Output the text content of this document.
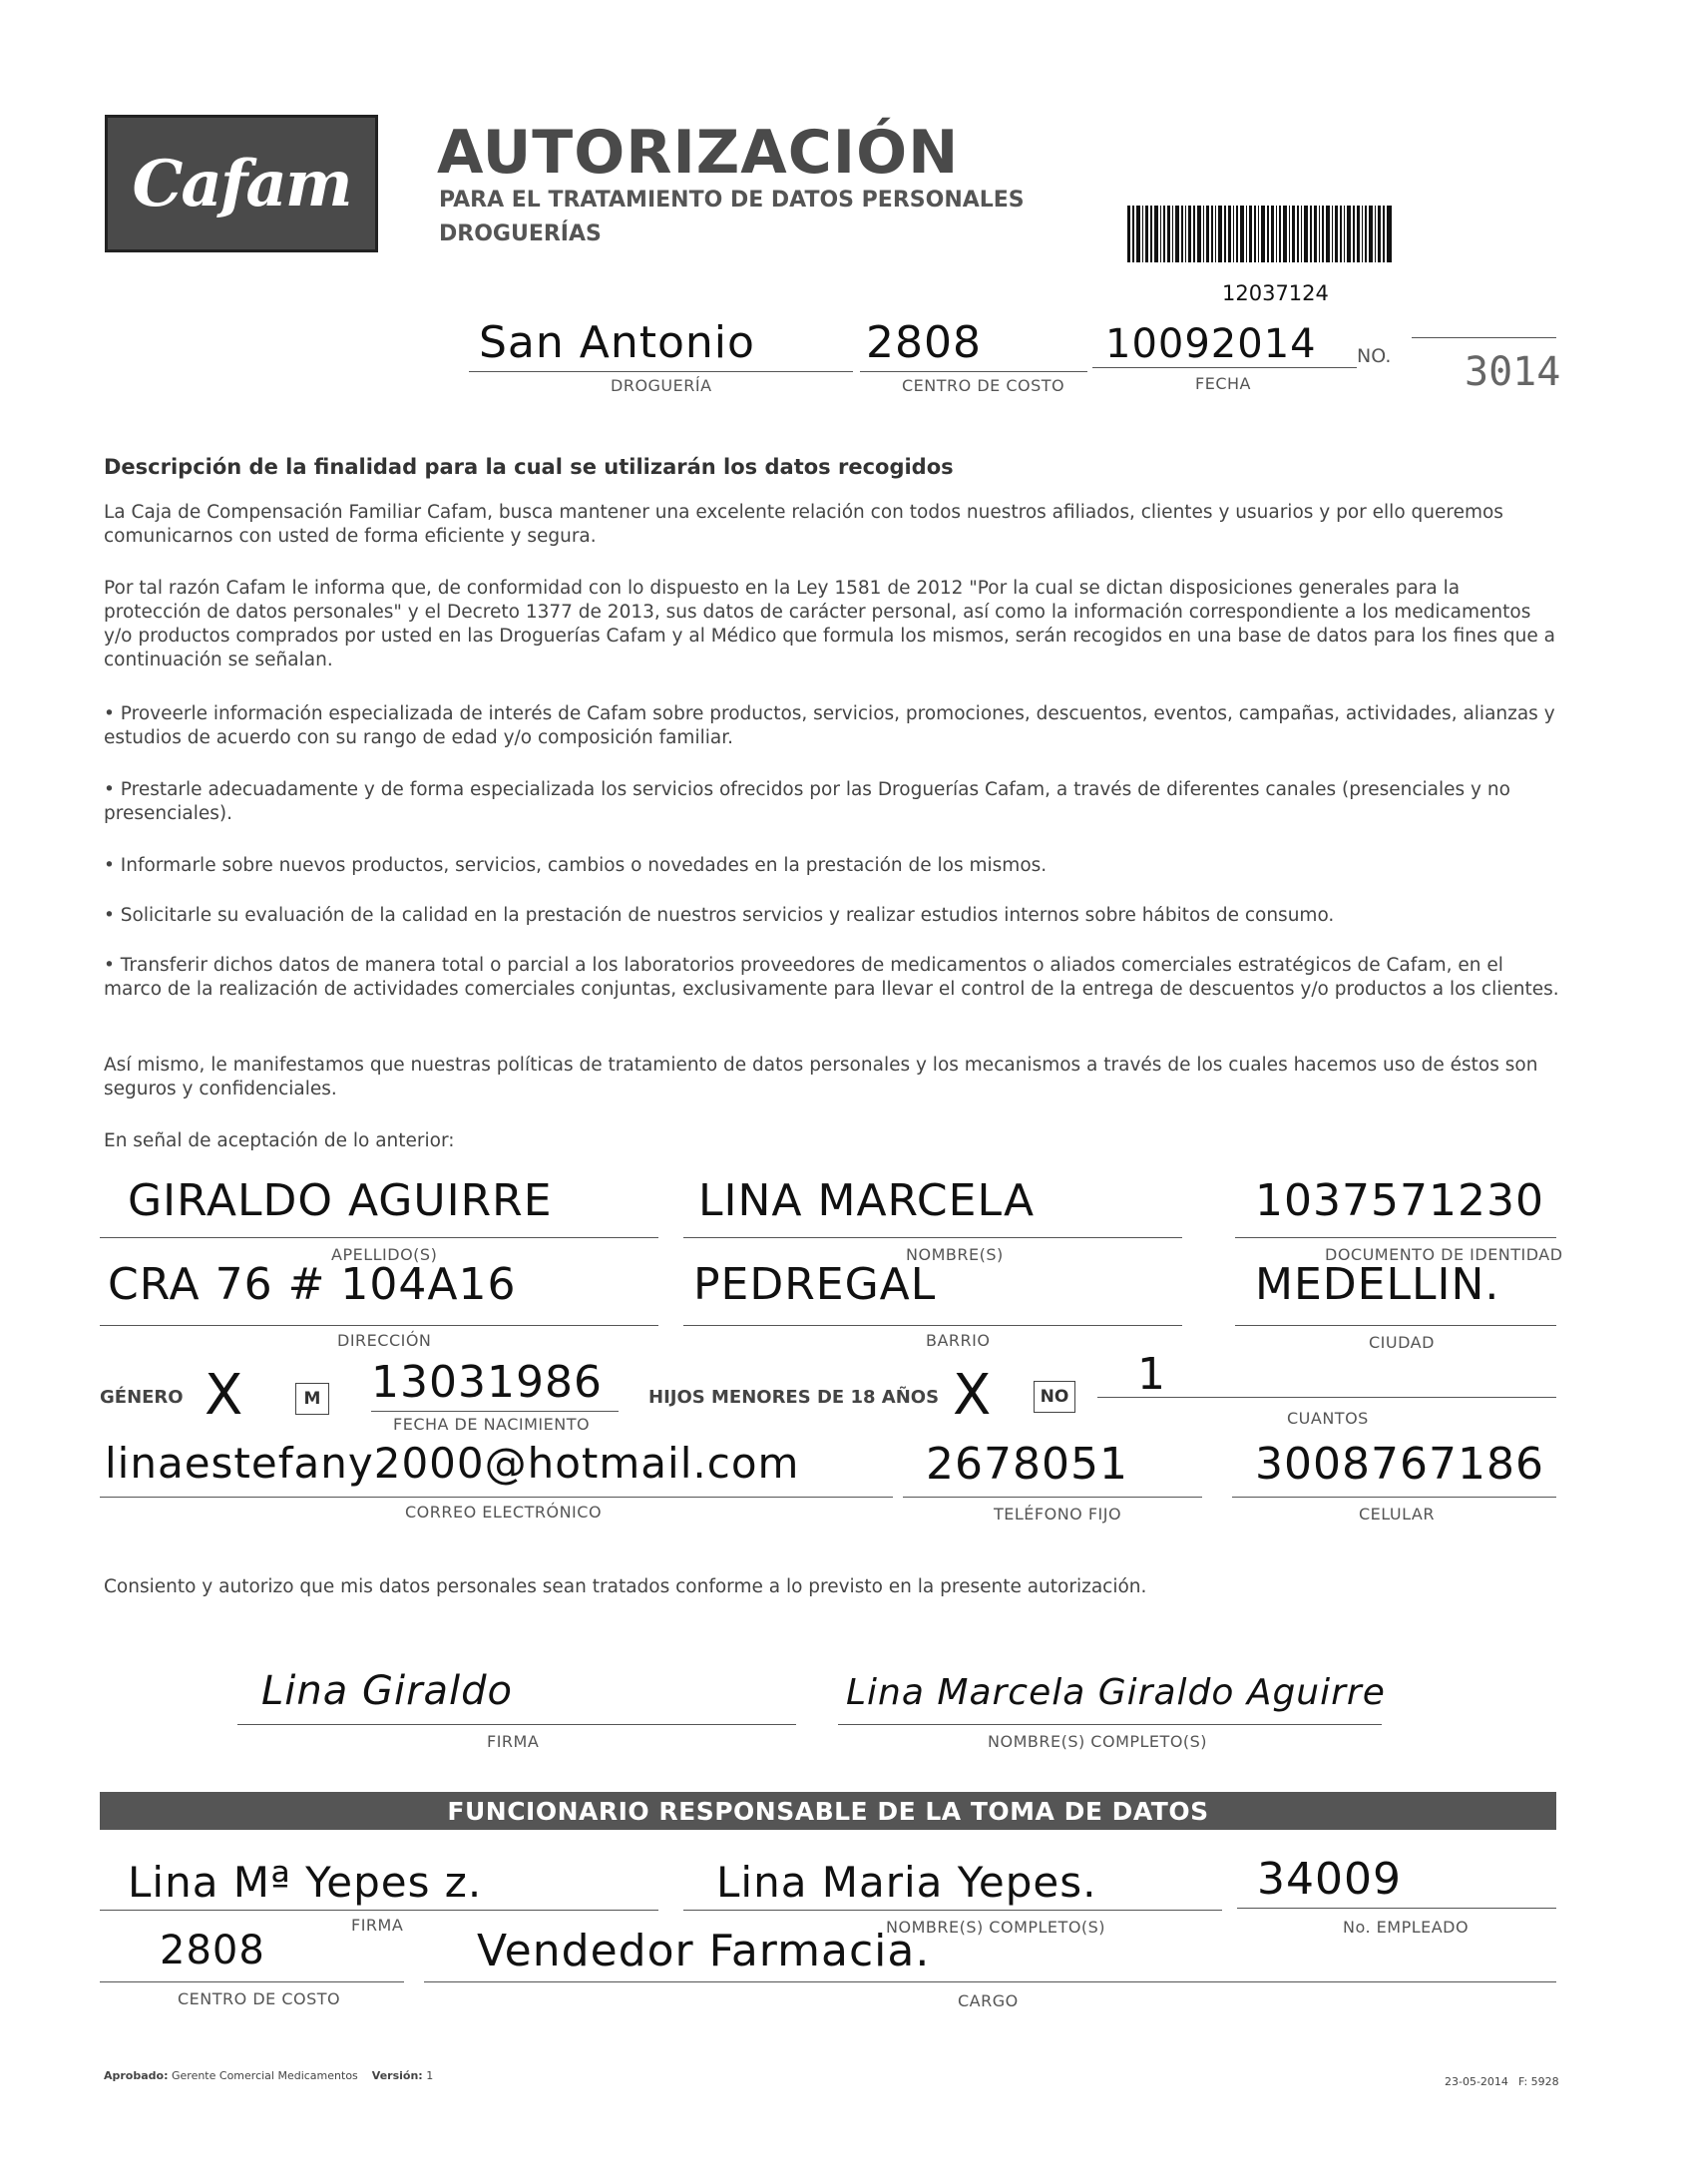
Cafam	AUTORIZACIÓN
PARA EL TRATAMIENTO DE DATOS PERSONALES
DROGUERÍAS
12037124
San Antonio
DROGUERÍA
2808
CENTRO DE COSTO
10092014
FECHA
NO. 3014
Descripción de la finalidad para la cual se utilizarán los datos recogidos
La Caja de Compensación Familiar Cafam, busca mantener una excelente relación con todos nuestros afiliados, clientes y usuarios y por ello queremos comunicarnos con usted de forma eficiente y segura.
Por tal razón Cafam le informa que, de conformidad con lo dispuesto en la Ley 1581 de 2012 "Por la cual se dictan disposiciones generales para la protección de datos personales" y el Decreto 1377 de 2013, sus datos de carácter personal, así como la información correspondiente a los medicamentos y/o productos comprados por usted en las Droguerías Cafam y al Médico que formula los mismos, serán recogidos en una base de datos para los fines que a continuación se señalan.
• Proveerle información especializada de interés de Cafam sobre productos, servicios, promociones, descuentos, eventos, campañas, actividades, alianzas y estudios de acuerdo con su rango de edad y/o composición familiar.
• Prestarle adecuadamente y de forma especializada los servicios ofrecidos por las Droguerías Cafam, a través de diferentes canales (presenciales y no presenciales).
• Informarle sobre nuevos productos, servicios, cambios o novedades en la prestación de los mismos.
• Solicitarle su evaluación de la calidad en la prestación de nuestros servicios y realizar estudios internos sobre hábitos de consumo.
• Transferir dichos datos de manera total o parcial a los laboratorios proveedores de medicamentos o aliados comerciales estratégicos de Cafam, en el marco de la realización de actividades comerciales conjuntas, exclusivamente para llevar el control de la entrega de descuentos y/o productos a los clientes.
Así mismo, le manifestamos que nuestras políticas de tratamiento de datos personales y los mecanismos a través de los cuales hacemos uso de éstos son seguros y confidenciales.
En señal de aceptación de lo anterior:
GIRALDO AGUIRRE
APELLIDO(S)
LINA MARCELA
NOMBRE(S)
1037571230
DOCUMENTO DE IDENTIDAD
CRA 76 # 104A16
DIRECCIÓN
PEDREGAL
BARRIO
MEDELLIN.
CIUDAD
GÉNERO X	M 13031986
FECHA DE NACIMIENTO
HIJOS MENORES DE 18 AÑOS X	NO 1
CUANTOS
linaestefany2000@hotmail.com
CORREO ELECTRÓNICO
2678051
TELÉFONO FIJO
3008767186
CELULAR
Consiento y autorizo que mis datos personales sean tratados conforme a lo previsto en la presente autorización.
Lina Giraldo
FIRMA
Lina Marcela Giraldo Aguirre
NOMBRE(S) COMPLETO(S)
FUNCIONARIO RESPONSABLE DE LA TOMA DE DATOS
Lina Mª Yepes z.
FIRMA
Lina Maria Yepes.
NOMBRE(S) COMPLETO(S)
34009
No. EMPLEADO
2808
CENTRO DE COSTO
Vendedor Farmacia.
CARGO
Aprobado: Gerente Comercial Medicamentos Versión: 1	23-05-2014 F: 5928
